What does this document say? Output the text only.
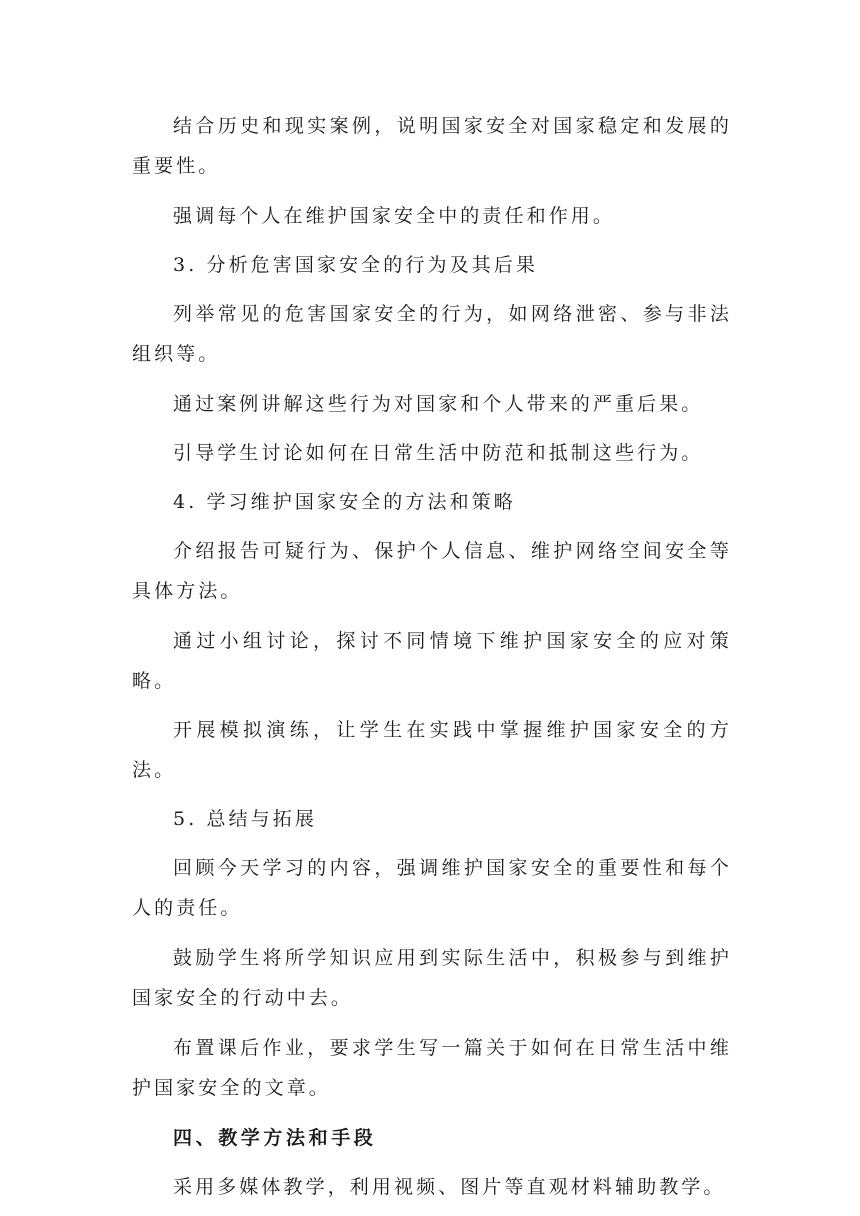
结合历史和现实案例，说明国家安全对国家稳定和发展的重要性。

强调每个人在维护国家安全中的责任和作用。

3. 分析危害国家安全的行为及其后果

列举常见的危害国家安全的行为，如网络泄密、参与非法组织等。

通过案例讲解这些行为对国家和个人带来的严重后果。

引导学生讨论如何在日常生活中防范和抵制这些行为。

4. 学习维护国家安全的方法和策略

介绍报告可疑行为、保护个人信息、维护网络空间安全等具体方法。

通过小组讨论，探讨不同情境下维护国家安全的应对策略。

开展模拟演练，让学生在实践中掌握维护国家安全的方法。

5. 总结与拓展

回顾今天学习的内容，强调维护国家安全的重要性和每个人的责任。

鼓励学生将所学知识应用到实际生活中，积极参与到维护国家安全的行动中去。

布置课后作业，要求学生写一篇关于如何在日常生活中维护国家安全的文章。

四、教学方法和手段

采用多媒体教学，利用视频、图片等直观材料辅助教学。
